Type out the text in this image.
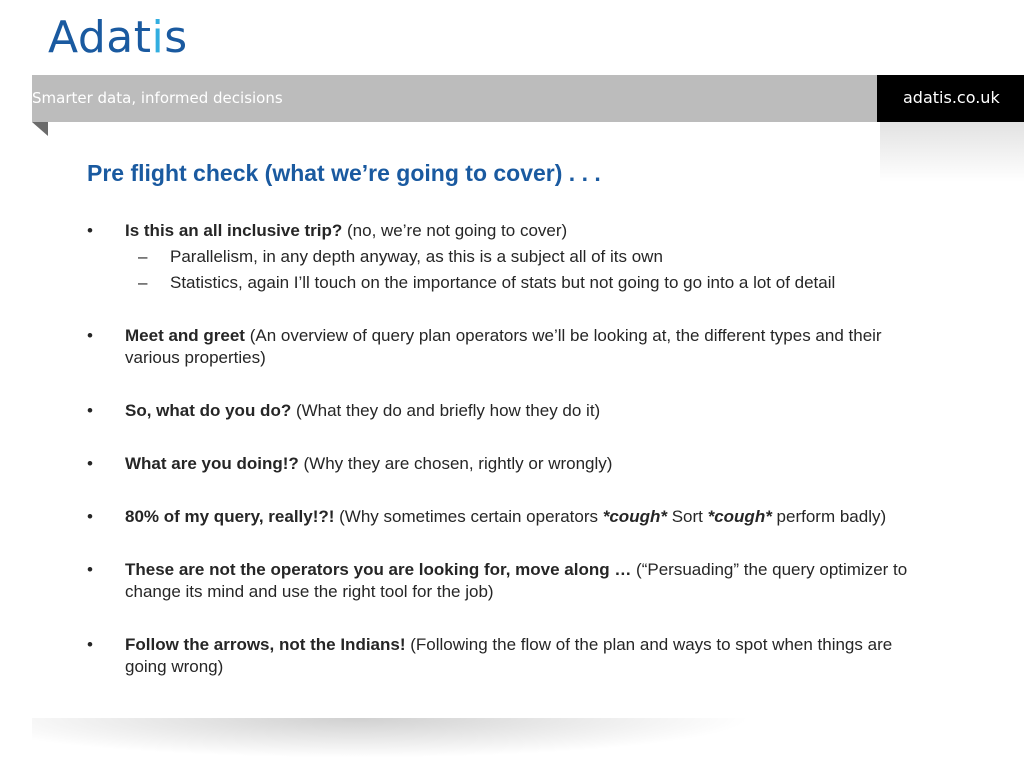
Adatis
Smarter data, informed decisions	adatis.co.uk
Pre flight check (what we’re going to cover) . . .
• Is this an all inclusive trip? (no, we’re not going to cover)
– Parallelism, in any depth anyway, as this is a subject all of its own
– Statistics, again I’ll touch on the importance of stats but not going to go into a lot of detail
• Meet and greet (An overview of query plan operators we’ll be looking at, the different types and their various properties)
• So, what do you do? (What they do and briefly how they do it)
• What are you doing!? (Why they are chosen, rightly or wrongly)
• 80% of my query, really!?! (Why sometimes certain operators *cough* Sort *cough* perform badly)
• These are not the operators you are looking for, move along … (“Persuading” the query optimizer to change its mind and use the right tool for the job)
• Follow the arrows, not the Indians! (Following the flow of the plan and ways to spot when things are going wrong)
